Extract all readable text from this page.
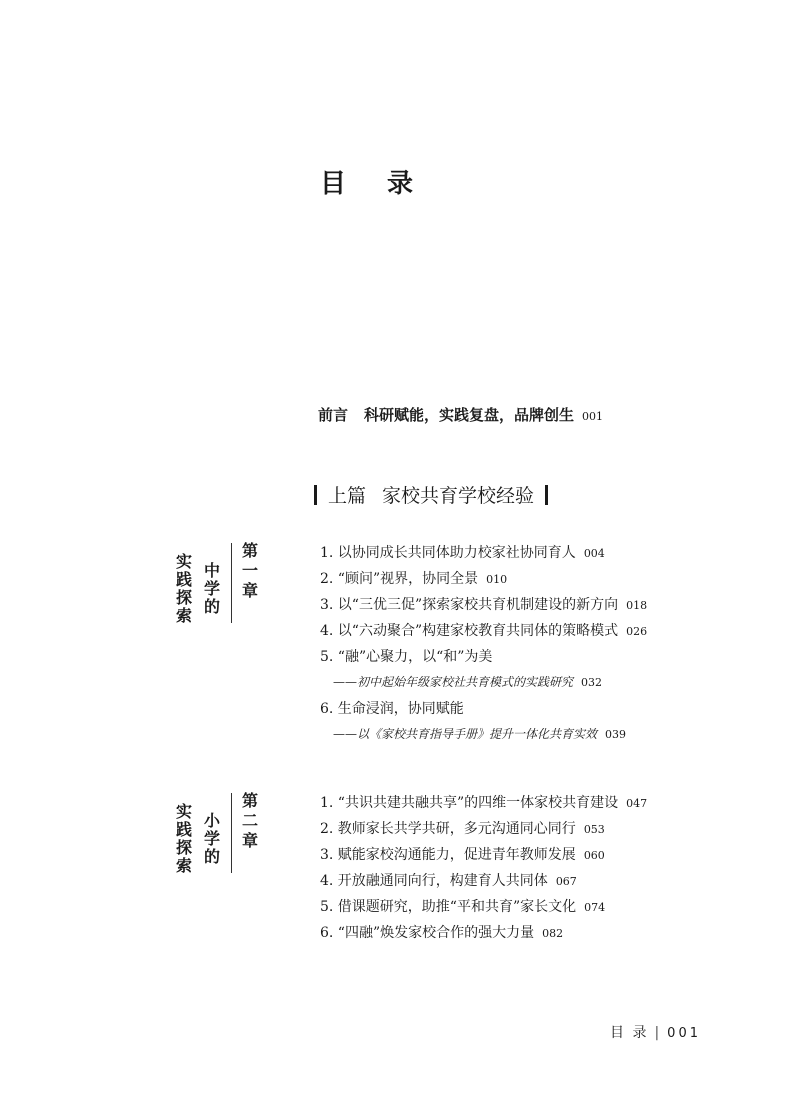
目 录
前言 科研赋能，实践复盘，品牌创生 001
上篇 家校共育学校经验
第
一
章
中
学
的
实
践
探
索
1. 以协同成长共同体助力校家社协同育人 004
2. “顾问”视界，协同全景 010
3. 以“三优三促”探索家校共育机制建设的新方向 018
4. 以“六动聚合”构建家校教育共同体的策略模式 026
5. “融”心聚力，以“和”为美
——初中起始年级家校社共育模式的实践研究 032
6. 生命浸润，协同赋能
——以《家校共育指导手册》提升一体化共育实效 039
第
二
章
小
学
的
实
践
探
索
1. “共识共建共融共享”的四维一体家校共育建设 047
2. 教师家长共学共研，多元沟通同心同行 053
3. 赋能家校沟通能力，促进青年教师发展 060
4. 开放融通同向行，构建育人共同体 067
5. 借课题研究，助推“平和共育”家长文化 074
6. “四融”焕发家校合作的强大力量 082
目 录 | 001
